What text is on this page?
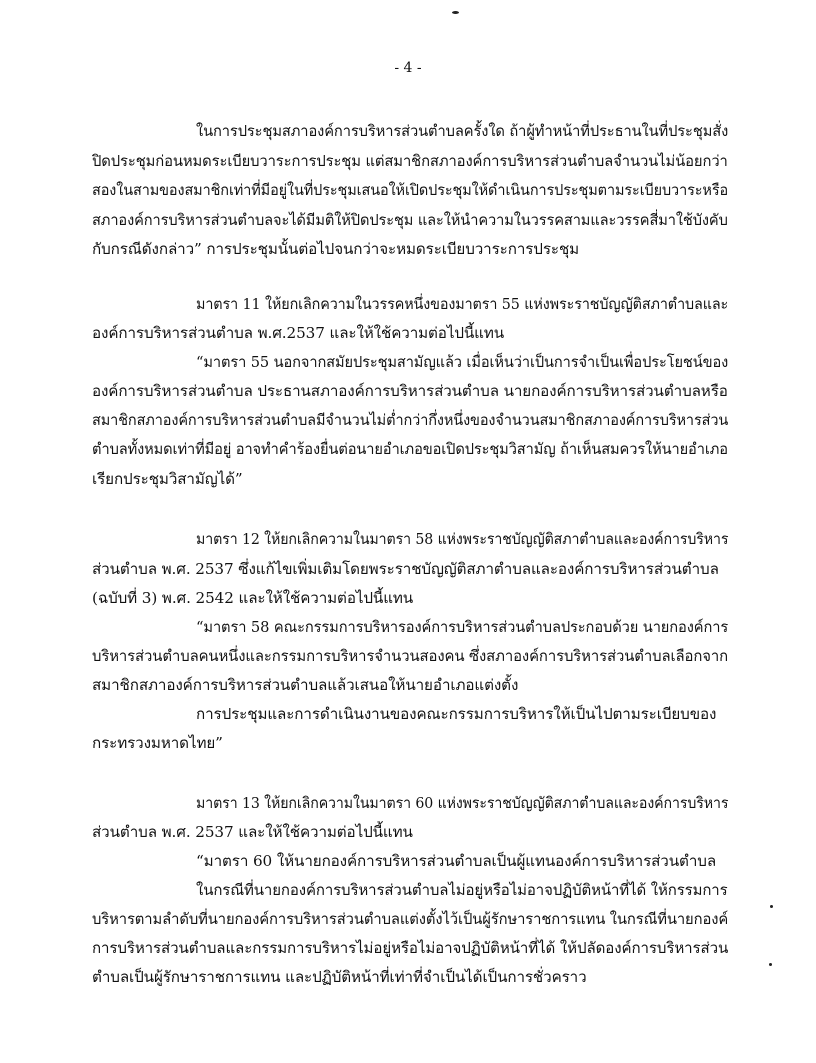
- 4 -
ในการประชุมสภาองค์การบริหารส่วนตำบลครั้งใด ถ้าผู้ทำหน้าที่ประธานในที่ประชุมสั่ง
ปิดประชุมก่อนหมดระเบียบวาระการประชุม แต่สมาชิกสภาองค์การบริหารส่วนตำบลจำนวนไม่น้อยกว่า
สองในสามของสมาชิกเท่าที่มีอยู่ในที่ประชุมเสนอให้เปิดประชุมให้ดำเนินการประชุมตามระเบียบวาระหรือ
สภาองค์การบริหารส่วนตำบลจะได้มีมติให้ปิดประชุม และให้นำความในวรรคสามและวรรคสี่มาใช้บังคับ
กับกรณีดังกล่าว” การประชุมนั้นต่อไปจนกว่าจะหมดระเบียบวาระการประชุม
มาตรา 11 ให้ยกเลิกความในวรรคหนึ่งของมาตรา 55 แห่งพระราชบัญญัติสภาตำบลและ
องค์การบริหารส่วนตำบล พ.ศ.2537 และให้ใช้ความต่อไปนี้แทน
“มาตรา 55 นอกจากสมัยประชุมสามัญแล้ว เมื่อเห็นว่าเป็นการจำเป็นเพื่อประโยชน์ของ
องค์การบริหารส่วนตำบล ประธานสภาองค์การบริหารส่วนตำบล นายกองค์การบริหารส่วนตำบลหรือ
สมาชิกสภาองค์การบริหารส่วนตำบลมีจำนวนไม่ต่ำกว่ากึ่งหนึ่งของจำนวนสมาชิกสภาองค์การบริหารส่วน
ตำบลทั้งหมดเท่าที่มีอยู่ อาจทำคำร้องยื่นต่อนายอำเภอขอเปิดประชุมวิสามัญ ถ้าเห็นสมควรให้นายอำเภอ
เรียกประชุมวิสามัญได้”
มาตรา 12 ให้ยกเลิกความในมาตรา 58 แห่งพระราชบัญญัติสภาตำบลและองค์การบริหาร
ส่วนตำบล พ.ศ. 2537 ซึ่งแก้ไขเพิ่มเติมโดยพระราชบัญญัติสภาตำบลและองค์การบริหารส่วนตำบล
(ฉบับที่ 3) พ.ศ. 2542 และให้ใช้ความต่อไปนี้แทน
“มาตรา 58 คณะกรรมการบริหารองค์การบริหารส่วนตำบลประกอบด้วย นายกองค์การ
บริหารส่วนตำบลคนหนึ่งและกรรมการบริหารจำนวนสองคน ซึ่งสภาองค์การบริหารส่วนตำบลเลือกจาก
สมาชิกสภาองค์การบริหารส่วนตำบลแล้วเสนอให้นายอำเภอแต่งตั้ง
การประชุมและการดำเนินงานของคณะกรรมการบริหารให้เป็นไปตามระเบียบของ
กระทรวงมหาดไทย”
มาตรา 13 ให้ยกเลิกความในมาตรา 60 แห่งพระราชบัญญัติสภาตำบลและองค์การบริหาร
ส่วนตำบล พ.ศ. 2537 และให้ใช้ความต่อไปนี้แทน
“มาตรา 60 ให้นายกองค์การบริหารส่วนตำบลเป็นผู้แทนองค์การบริหารส่วนตำบล
ในกรณีที่นายกองค์การบริหารส่วนตำบลไม่อยู่หรือไม่อาจปฏิบัติหน้าที่ได้ ให้กรรมการ
บริหารตามลำดับที่นายกองค์การบริหารส่วนตำบลแต่งตั้งไว้เป็นผู้รักษาราชการแทน ในกรณีที่นายกองค์
การบริหารส่วนตำบลและกรรมการบริหารไม่อยู่หรือไม่อาจปฏิบัติหน้าที่ได้ ให้ปลัดองค์การบริหารส่วน
ตำบลเป็นผู้รักษาราชการแทน และปฏิบัติหน้าที่เท่าที่จำเป็นได้เป็นการชั่วคราว
